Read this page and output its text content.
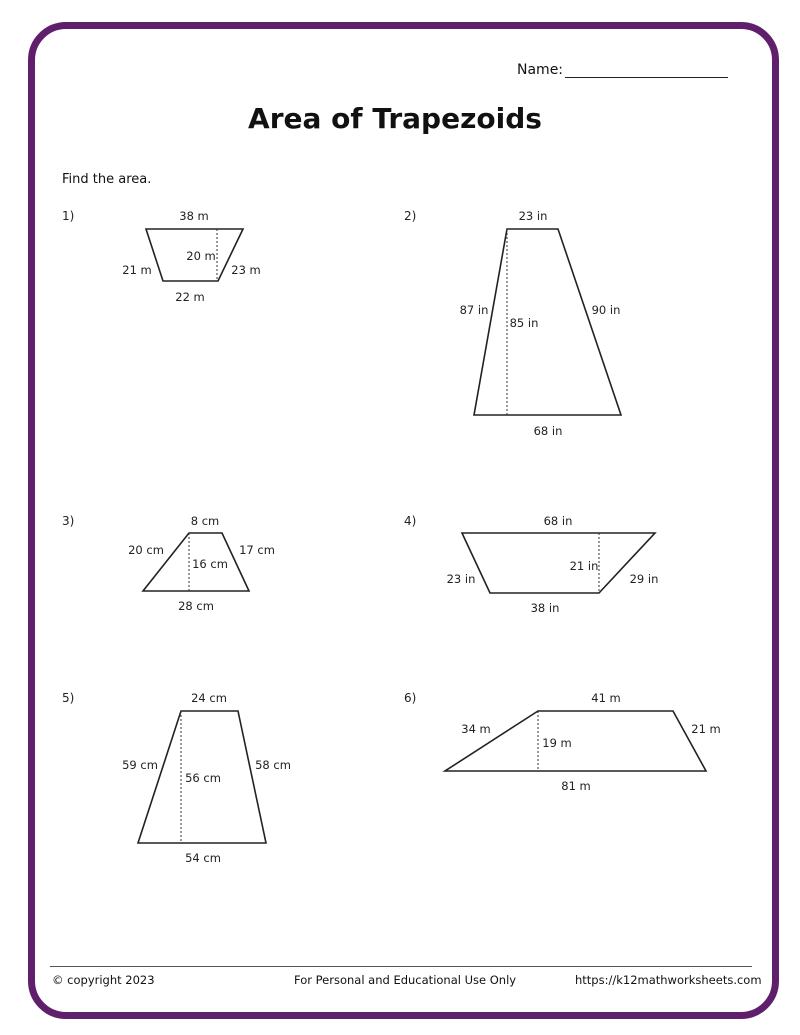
Name:
Area of Trapezoids
Find the area.
1)	38 m
20 m
21 m	23 m
22 m
2)	23 in
87 in
85 in
90 in
68 in
3)	8 cm
20 cm
16 cm
17 cm
28 cm
4)	68 in
23 in
21 in
29 in
38 in
5)	24 cm
59 cm
56 cm
58 cm
54 cm
6)	41 m
34 m
19 m
21 m
81 m
© copyright 2023	For Personal and Educational Use Only	https://k12mathworksheets.com
